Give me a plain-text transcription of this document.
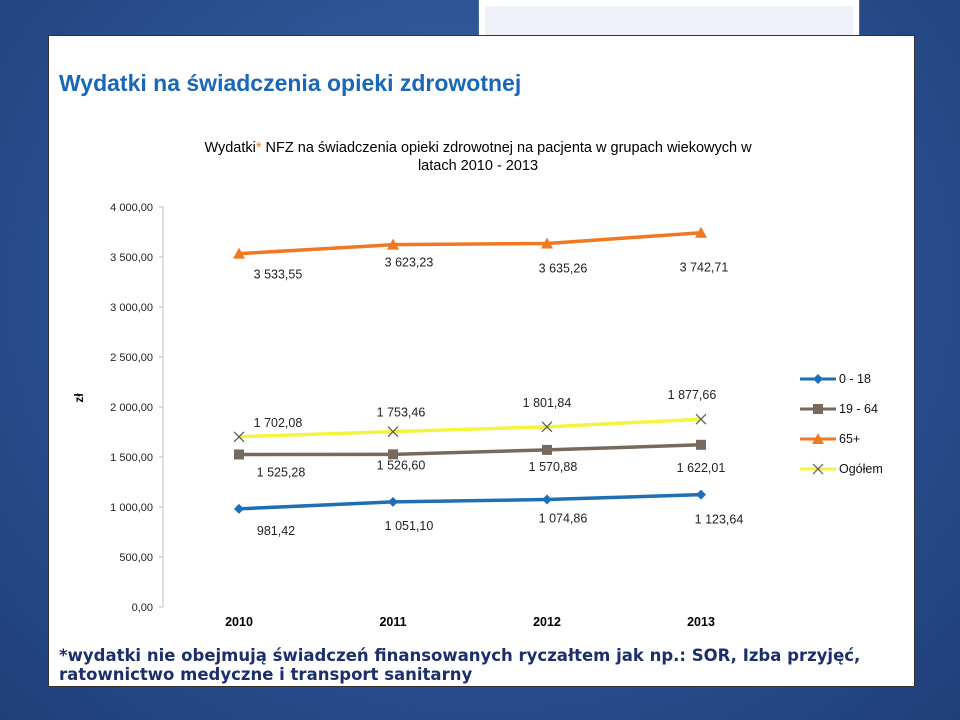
Wydatki na świadczenia opieki zdrowotnej

*wydatki nie obejmują świadczeń finansowanych ryczałtem jak np.: SOR, Izba przyjęć, ratownictwo medyczne i transport sanitarny

Wydatki* NFZ na świadczenia opieki zdrowotnej na pacjenta w grupach wiekowych w
latach 2010 - 2013
zł
0,00
500,00
1 000,00
1 500,00
2 000,00
2 500,00
3 000,00
3 500,00
4 000,00
2010	2011	2012	2013
981,42	1 051,10
1 074,86	1 123,64
1 525,28
1 526,60	1 570,88	1 622,01
3 533,55
3 623,23	3 635,26	3 742,71
1 702,08
1 753,46
1 801,84
1 877,66
0 - 18
19 - 64
65+
Ogółem
